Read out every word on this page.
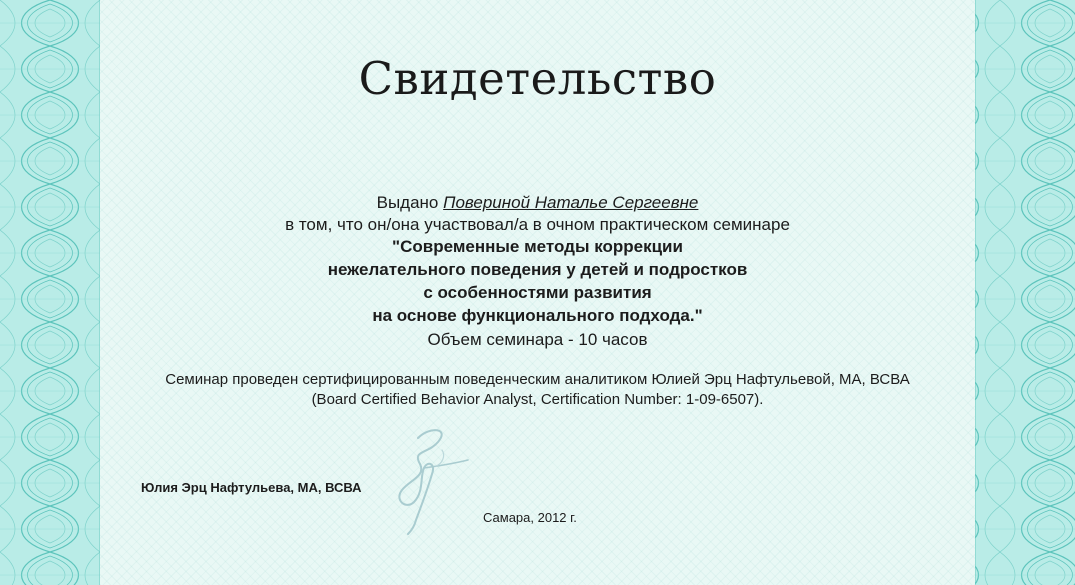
Свидетельство
Выдано Повериной Наталье Сергеевне
в том, что он/она участвовал/а в очном практическом семинаре
"Современные методы коррекции
нежелательного поведения у детей и подростков
с особенностями развития
на основе функционального подхода."
Объем семинара - 10 часов
Семинар проведен сертифицированным поведенческим аналитиком Юлией Эрц Нафтульевой, МА, ВСВА
(Board Certified Behavior Analyst, Certification Number: 1-09-6507).
Юлия Эрц Нафтульева, МА, ВСВА
Самара, 2012 г.
